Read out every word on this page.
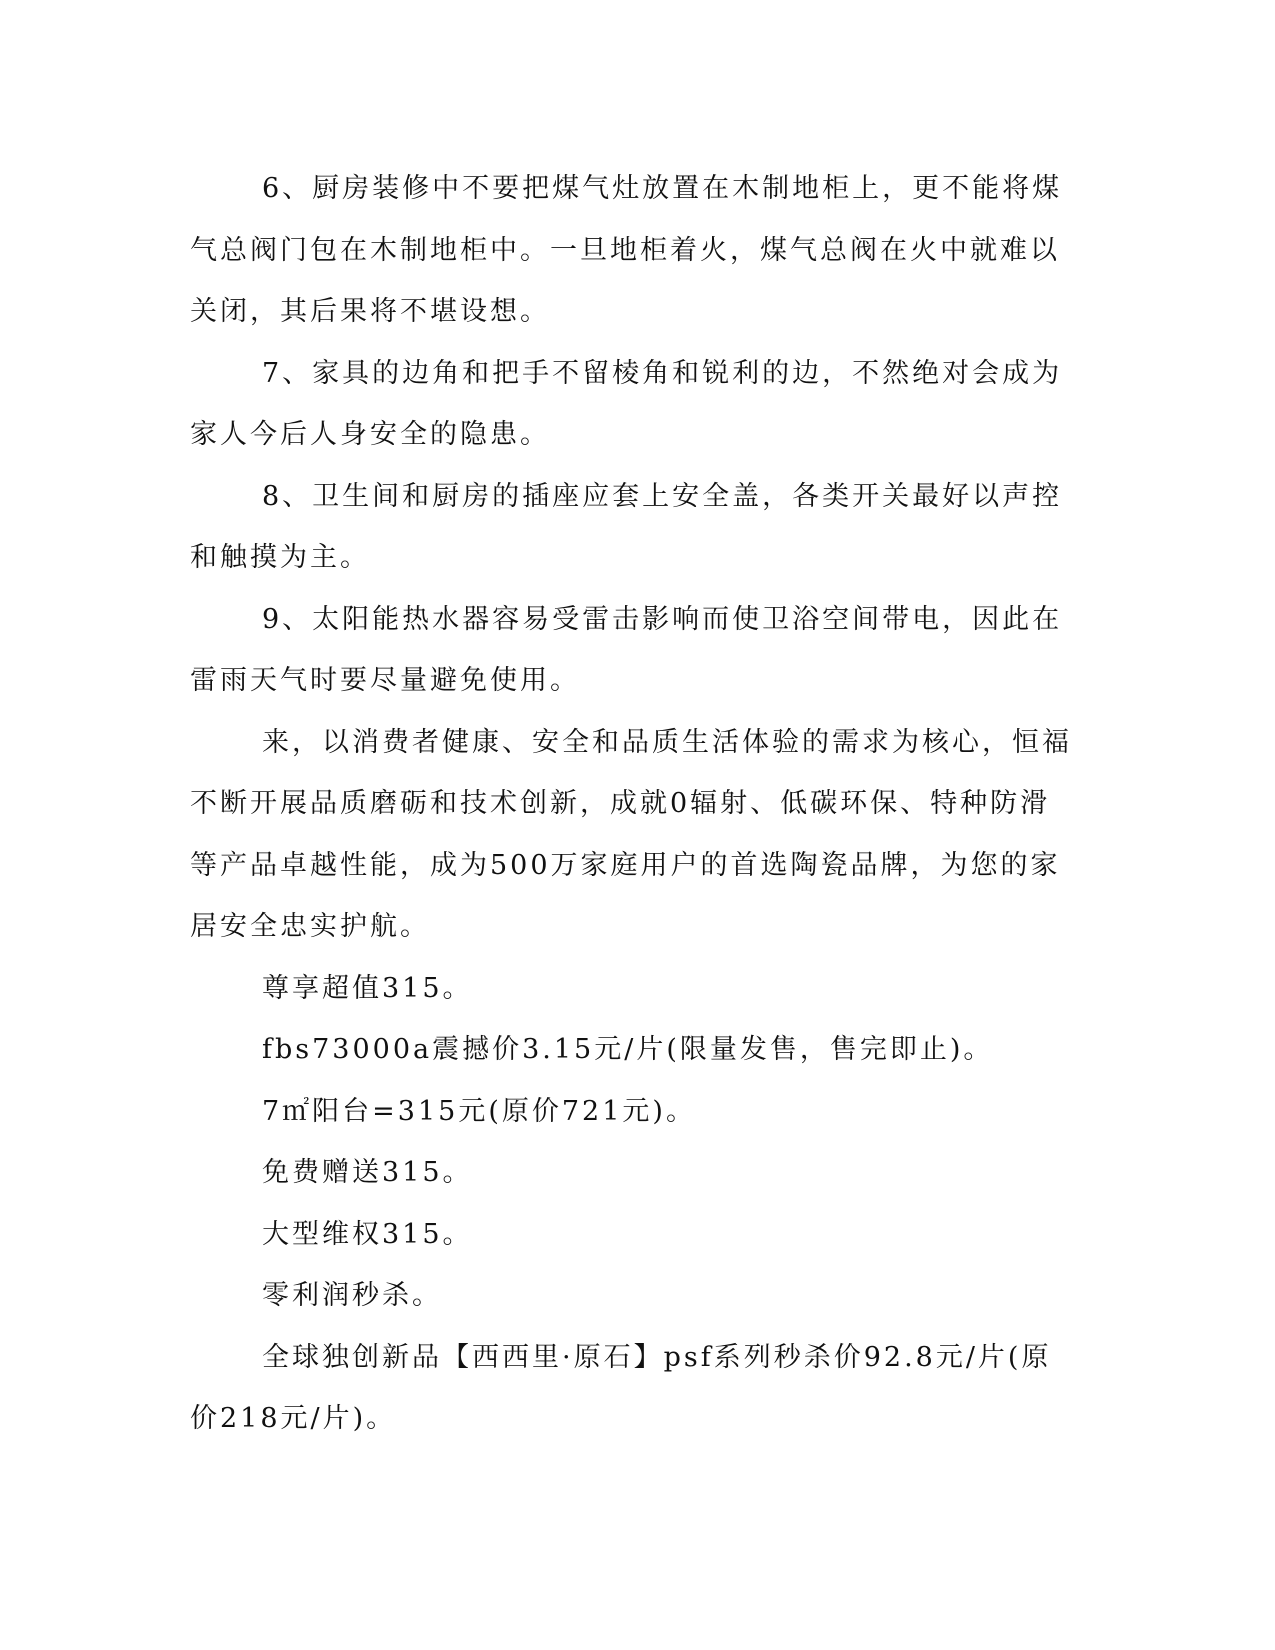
6、厨房装修中不要把煤气灶放置在木制地柜上，更不能将煤气总阀门包在木制地柜中。一旦地柜着火，煤气总阀在火中就难以关闭，其后果将不堪设想。

7、家具的边角和把手不留棱角和锐利的边，不然绝对会成为家人今后人身安全的隐患。

8、卫生间和厨房的插座应套上安全盖，各类开关最好以声控和触摸为主。

9、太阳能热水器容易受雷击影响而使卫浴空间带电，因此在雷雨天气时要尽量避免使用。

来，以消费者健康、安全和品质生活体验的需求为核心，恒福不断开展品质磨砺和技术创新，成就0辐射、低碳环保、特种防滑等产品卓越性能，成为500万家庭用户的首选陶瓷品牌，为您的家居安全忠实护航。

尊享超值315。

fbs73000a震撼价3.15元/片(限量发售，售完即止)。

7㎡阳台=315元(原价721元)。

免费赠送315。

大型维权315。

零利润秒杀。

全球独创新品【西西里·原石】psf系列秒杀价92.8元/片(原价218元/片)。
